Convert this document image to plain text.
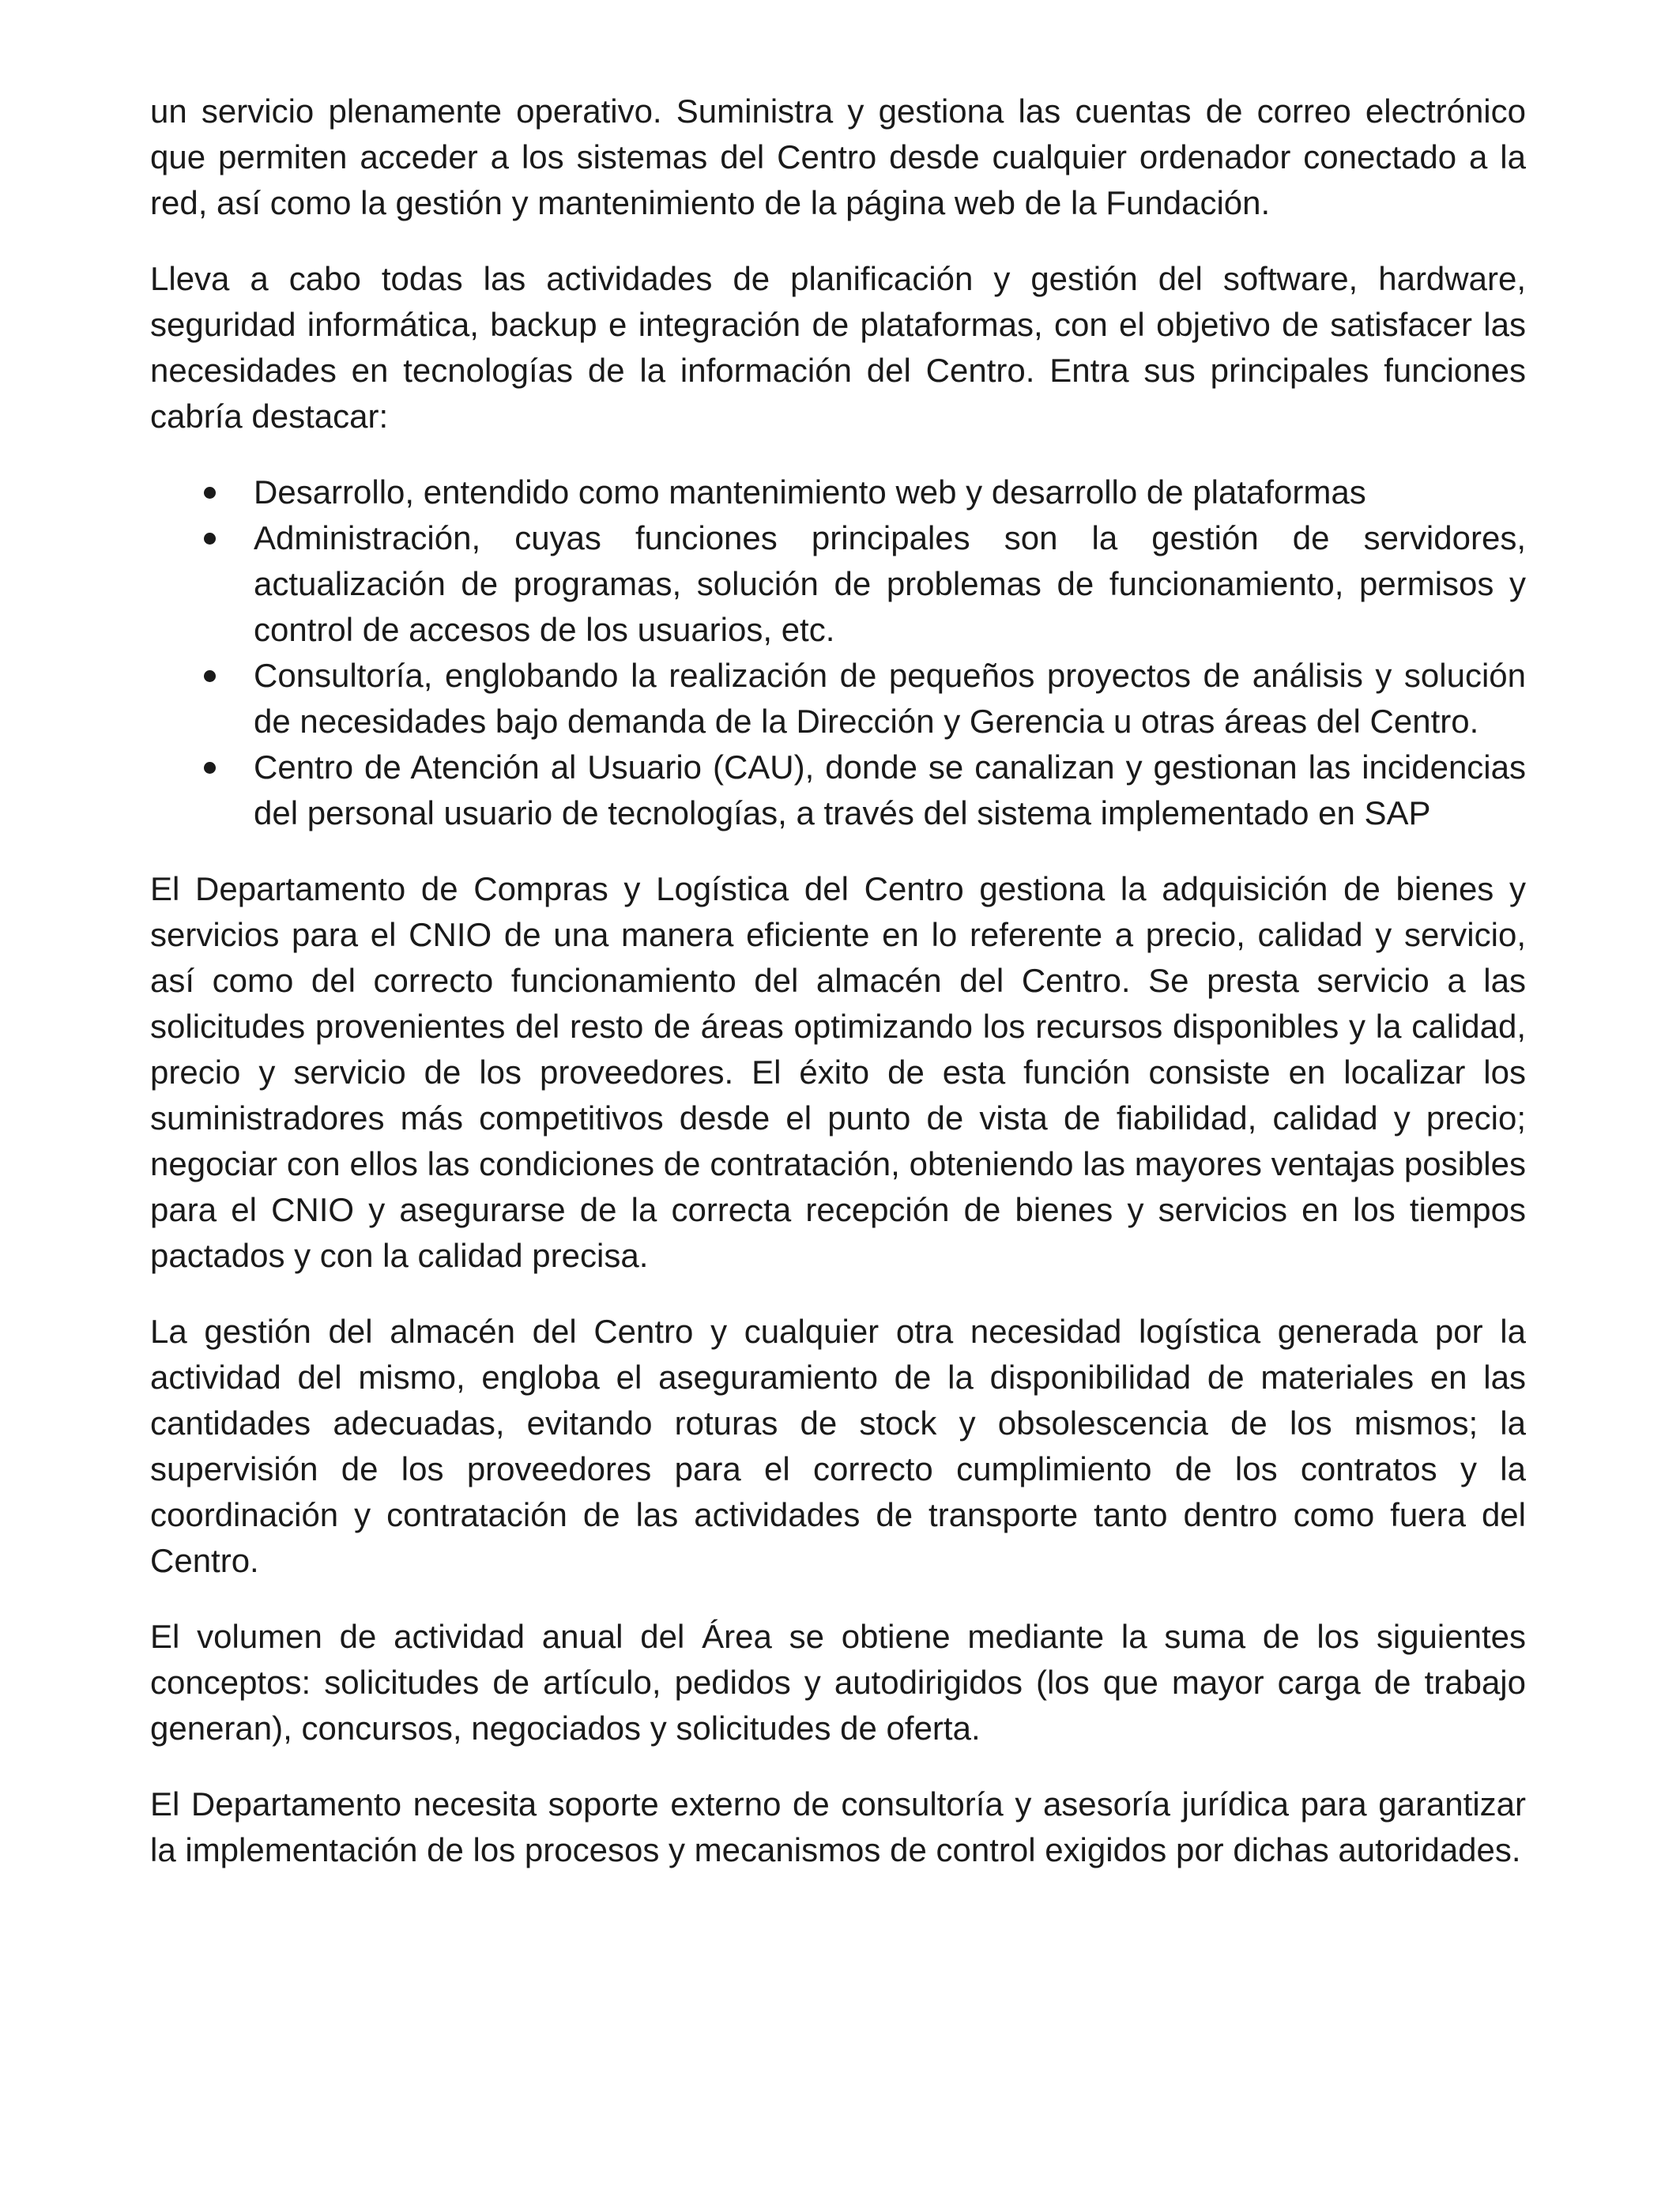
un servicio plenamente operativo. Suministra y gestiona las cuentas de correo electrónico que permiten acceder a los sistemas del Centro desde cualquier ordenador conectado a la red, así como la gestión y mantenimiento de la página web de la Fundación.

Lleva a cabo todas las actividades de planificación y gestión del software, hardware, seguridad informática, backup e integración de plataformas, con el objetivo de satisfacer las necesidades en tecnologías de la información del Centro. Entra sus principales funciones cabría destacar:

Desarrollo, entendido como mantenimiento web y desarrollo de plataformas
Administración, cuyas funciones principales son la gestión de servidores, actualización de programas, solución de problemas de funcionamiento, permisos y control de accesos de los usuarios, etc.
Consultoría, englobando la realización de pequeños proyectos de análisis y solución de necesidades bajo demanda de la Dirección y Gerencia u otras áreas del Centro.
Centro de Atención al Usuario (CAU), donde se canalizan y gestionan las incidencias del personal usuario de tecnologías, a través del sistema implementado en SAP

El Departamento de Compras y Logística del Centro gestiona la adquisición de bienes y servicios para el CNIO de una manera eficiente en lo referente a precio, calidad y servicio, así como del correcto funcionamiento del almacén del Centro. Se presta servicio a las solicitudes provenientes del resto de áreas optimizando los recursos disponibles y la calidad, precio y servicio de los proveedores. El éxito de esta función consiste en localizar los suministradores más competitivos desde el punto de vista de fiabilidad, calidad y precio; negociar con ellos las condiciones de contratación, obteniendo las mayores ventajas posibles para el CNIO y asegurarse de la correcta recepción de bienes y servicios en los tiempos pactados y con la calidad precisa.

La gestión del almacén del Centro y cualquier otra necesidad logística generada por la actividad del mismo, engloba el aseguramiento de la disponibilidad de materiales en las cantidades adecuadas, evitando roturas de stock y obsolescencia de los mismos; la supervisión de los proveedores para el correcto cumplimiento de los contratos y la coordinación y contratación de las actividades de transporte tanto dentro como fuera del Centro.

El volumen de actividad anual del Área se obtiene mediante la suma de los siguientes conceptos: solicitudes de artículo, pedidos y autodirigidos (los que mayor carga de trabajo generan), concursos, negociados y solicitudes de oferta.

El Departamento necesita soporte externo de consultoría y asesoría jurídica para garantizar la implementación de los procesos y mecanismos de control exigidos por dichas autoridades.
